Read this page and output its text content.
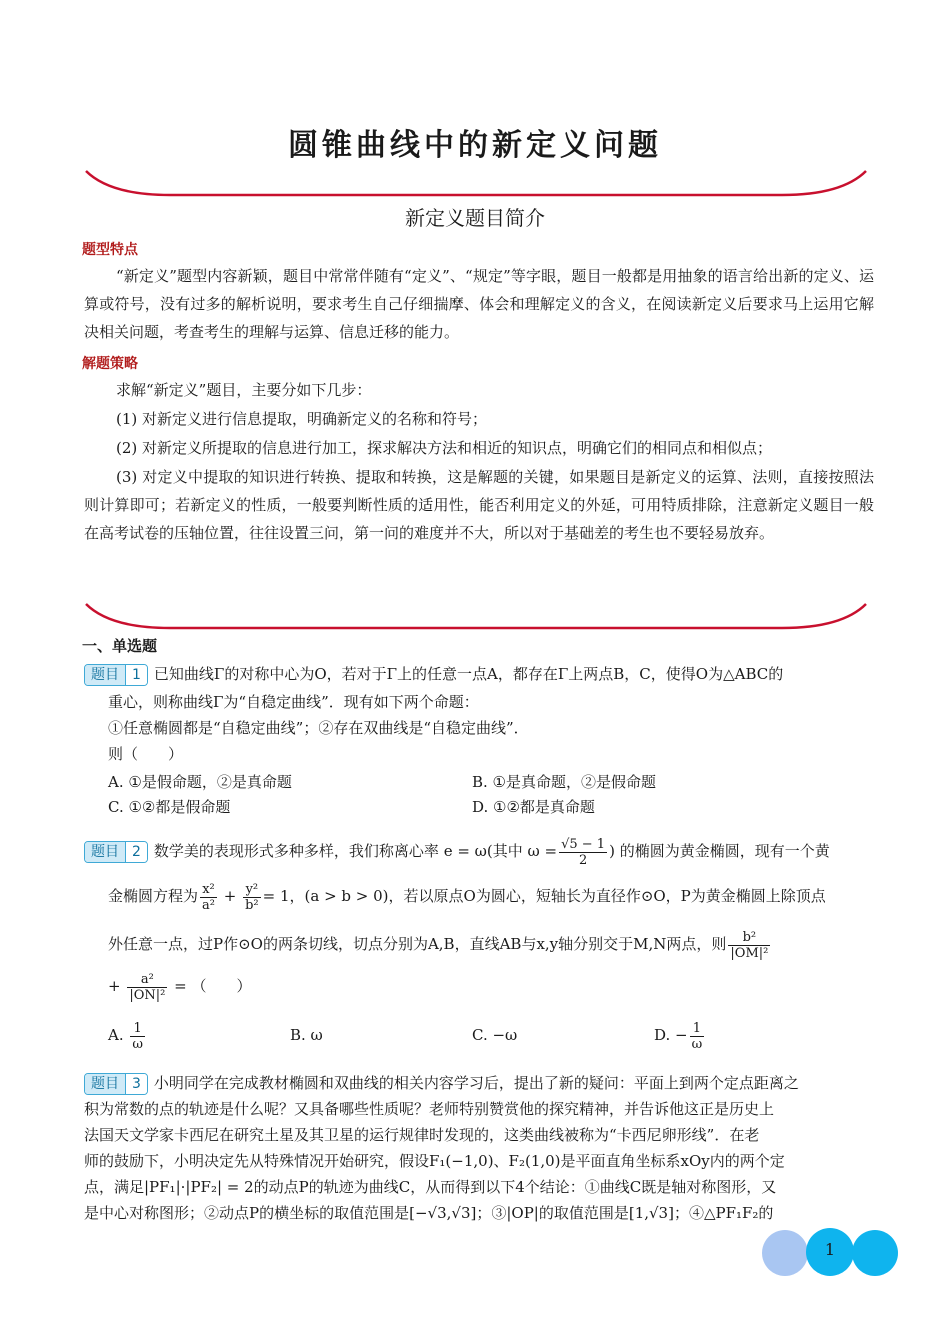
圆锥曲线中的新定义问题
新定义题目简介
题型特点
“新定义”题型内容新颖，题目中常常伴随有“定义”、“规定”等字眼，题目一般都是用抽象的语言给出新的定义、运算或符号，没有过多的解析说明，要求考生自己仔细揣摩、体会和理解定义的含义，在阅读新定义后要求马上运用它解决相关问题，考查考生的理解与运算、信息迁移的能力。
解题策略
求解“新定义”题目，主要分如下几步：
(1) 对新定义进行信息提取，明确新定义的名称和符号；
(2) 对新定义所提取的信息进行加工，探求解决方法和相近的知识点，明确它们的相同点和相似点；
(3) 对定义中提取的知识进行转换、提取和转换，这是解题的关键，如果题目是新定义的运算、法则，直接按照法则计算即可；若新定义的性质，一般要判断性质的适用性，能否利用定义的外延，可用特质排除，注意新定义题目一般在高考试卷的压轴位置，往往设置三问，第一问的难度并不大，所以对于基础差的考生也不要轻易放弃。
一、单选题
题目 1 已知曲线Γ的对称中心为O，若对于Γ上的任意一点A，都存在Γ上两点B，C，使得O为△ABC的
重心，则称曲线Γ为“自稳定曲线”．现有如下两个命题：
①任意椭圆都是“自稳定曲线”；②存在双曲线是“自稳定曲线”．
则（　　）
A. ①是假命题，②是真命题	B. ①是真命题，②是假命题
C. ①②都是假命题	D. ①②都是真命题
题目 2 数学美的表现形式多种多样，我们称离心率 e = ω(其中 $\omega = \frac{√5 - 1}{2}$ ) 的椭圆为黄金椭圆，现有一个黄
金椭圆方程为 $\frac{\text{x²}}{\text{a²}} + \frac{\text{y²}}{\text{b²}} = 1$，(a > b > 0)，若以原点O为圆心，短轴长为直径作⊙O，P为黄金椭圆上除顶点
外任意一点，过P作⊙O的两条切线，切点分别为A,B，直线AB与x,y轴分别交于M,N两点，则 $\frac{\text{b²}}{\text{|OM|²}}$
+ $\frac{\text{a²}}{\text{|ON|²}}$ = （　　）
A. $\frac{1}{\omega}$	B. ω	C. −ω	D. − $\frac{1}{\omega}$
题目 3 小明同学在完成教材椭圆和双曲线的相关内容学习后，提出了新的疑问：平面上到两个定点距离之
积为常数的点的轨迹是什么呢？又具备哪些性质呢？老师特别赞赏他的探究精神，并告诉他这正是历史上
法国天文学家卡西尼在研究土星及其卫星的运行规律时发现的，这类曲线被称为“卡西尼卵形线”．在老
师的鼓励下，小明决定先从特殊情况开始研究，假设F₁(−1,0)、F₂(1,0)是平面直角坐标系xOy内的两个定
点，满足|PF₁|·|PF₂| = 2的动点P的轨迹为曲线C，从而得到以下4个结论：①曲线C既是轴对称图形，又
是中心对称图形；②动点P的横坐标的取值范围是[−√3,√3]；③|OP|的取值范围是[1,√3]；④△PF₁F₂的
1
